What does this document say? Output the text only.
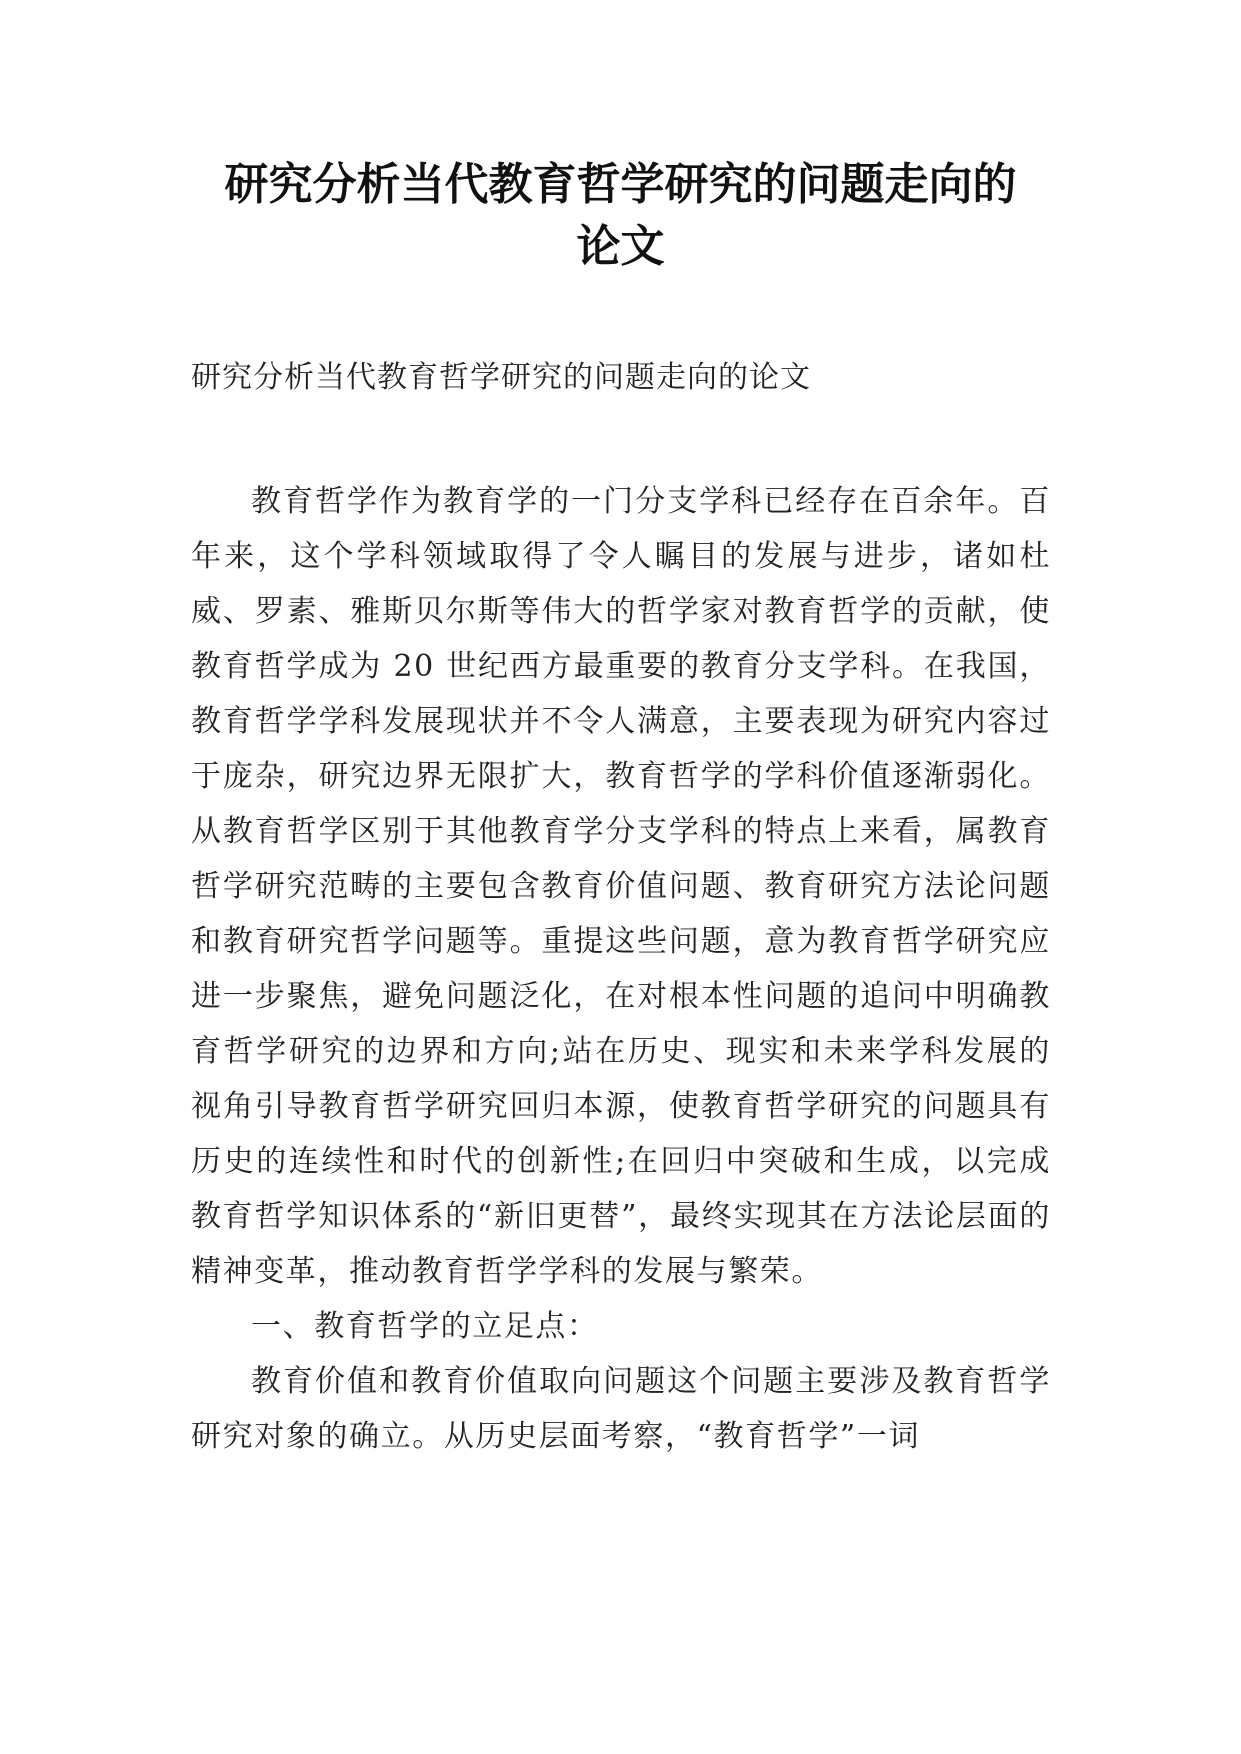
研究分析当代教育哲学研究的问题走向的
论文

研究分析当代教育哲学研究的问题走向的论文

教育哲学作为教育学的一门分支学科已经存在百余年。百年来，这个学科领域取得了令人瞩目的发展与进步，诸如杜威、罗素、雅斯贝尔斯等伟大的哲学家对教育哲学的贡献，使教育哲学成为 20 世纪西方最重要的教育分支学科。在我国，教育哲学学科发展现状并不令人满意，主要表现为研究内容过于庞杂，研究边界无限扩大，教育哲学的学科价值逐渐弱化。从教育哲学区别于其他教育学分支学科的特点上来看，属教育哲学研究范畴的主要包含教育价值问题、教育研究方法论问题和教育研究哲学问题等。重提这些问题，意为教育哲学研究应进一步聚焦，避免问题泛化，在对根本性问题的追问中明确教育哲学研究的边界和方向;站在历史、现实和未来学科发展的视角引导教育哲学研究回归本源，使教育哲学研究的问题具有历史的连续性和时代的创新性;在回归中突破和生成，以完成教育哲学知识体系的“新旧更替”，最终实现其在方法论层面的精神变革，推动教育哲学学科的发展与繁荣。

一、教育哲学的立足点：

教育价值和教育价值取向问题这个问题主要涉及教育哲学研究对象的确立。从历史层面考察，“教育哲学”一词
